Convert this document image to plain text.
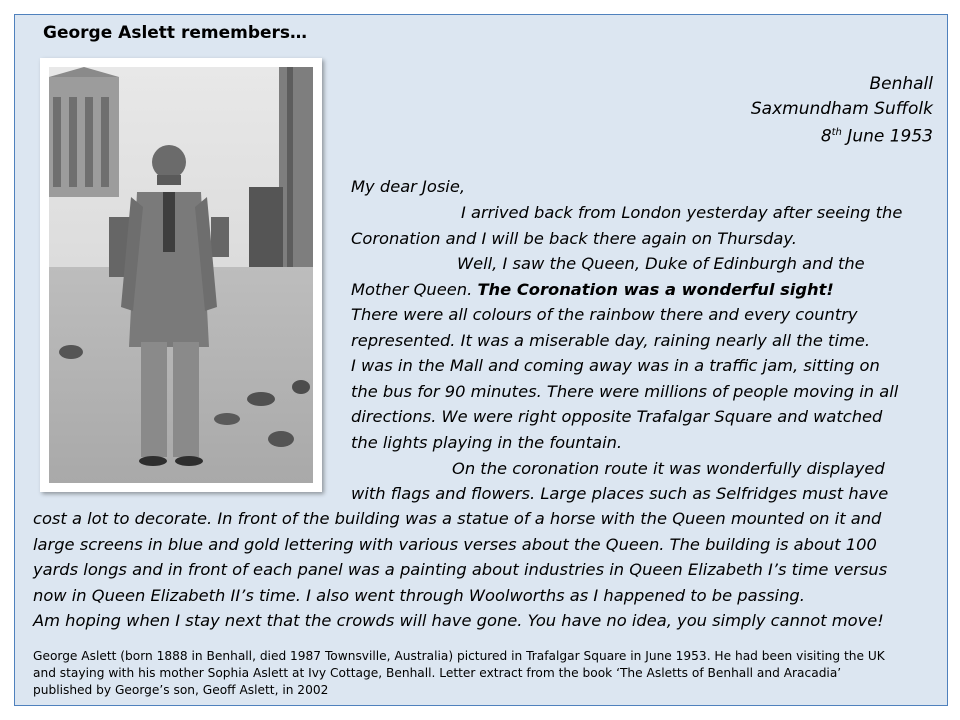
George Aslett remembers…
Benhall
Saxmundham Suffolk
8th June 1953
My dear Josie,
I arrived back from London yesterday after seeing the
Coronation and I will be back there again on Thursday.
Well, I saw the Queen, Duke of Edinburgh and the
Mother Queen. The Coronation was a wonderful sight!
There were all colours of the rainbow there and every country
represented. It was a miserable day, raining nearly all the time.
I was in the Mall and coming away was in a traffic jam, sitting on
the bus for 90 minutes. There were millions of people moving in all
directions. We were right opposite Trafalgar Square and watched
the lights playing in the fountain.
On the coronation route it was wonderfully displayed
with flags and flowers. Large places such as Selfridges must have
cost a lot to decorate. In front of the building was a statue of a horse with the Queen mounted on it and
large screens in blue and gold lettering with various verses about the Queen. The building is about 100
yards longs and in front of each panel was a painting about industries in Queen Elizabeth I’s time versus
now in Queen Elizabeth II’s time. I also went through Woolworths as I happened to be passing.
Am hoping when I stay next that the crowds will have gone. You have no idea, you simply cannot move!
George Aslett (born 1888 in Benhall, died 1987 Townsville, Australia) pictured in Trafalgar Square in June 1953. He had been visiting the UK
and staying with his mother Sophia Aslett at Ivy Cottage, Benhall. Letter extract from the book ‘The Asletts of Benhall and Aracadia’
published by George’s son, Geoff Aslett, in 2002
